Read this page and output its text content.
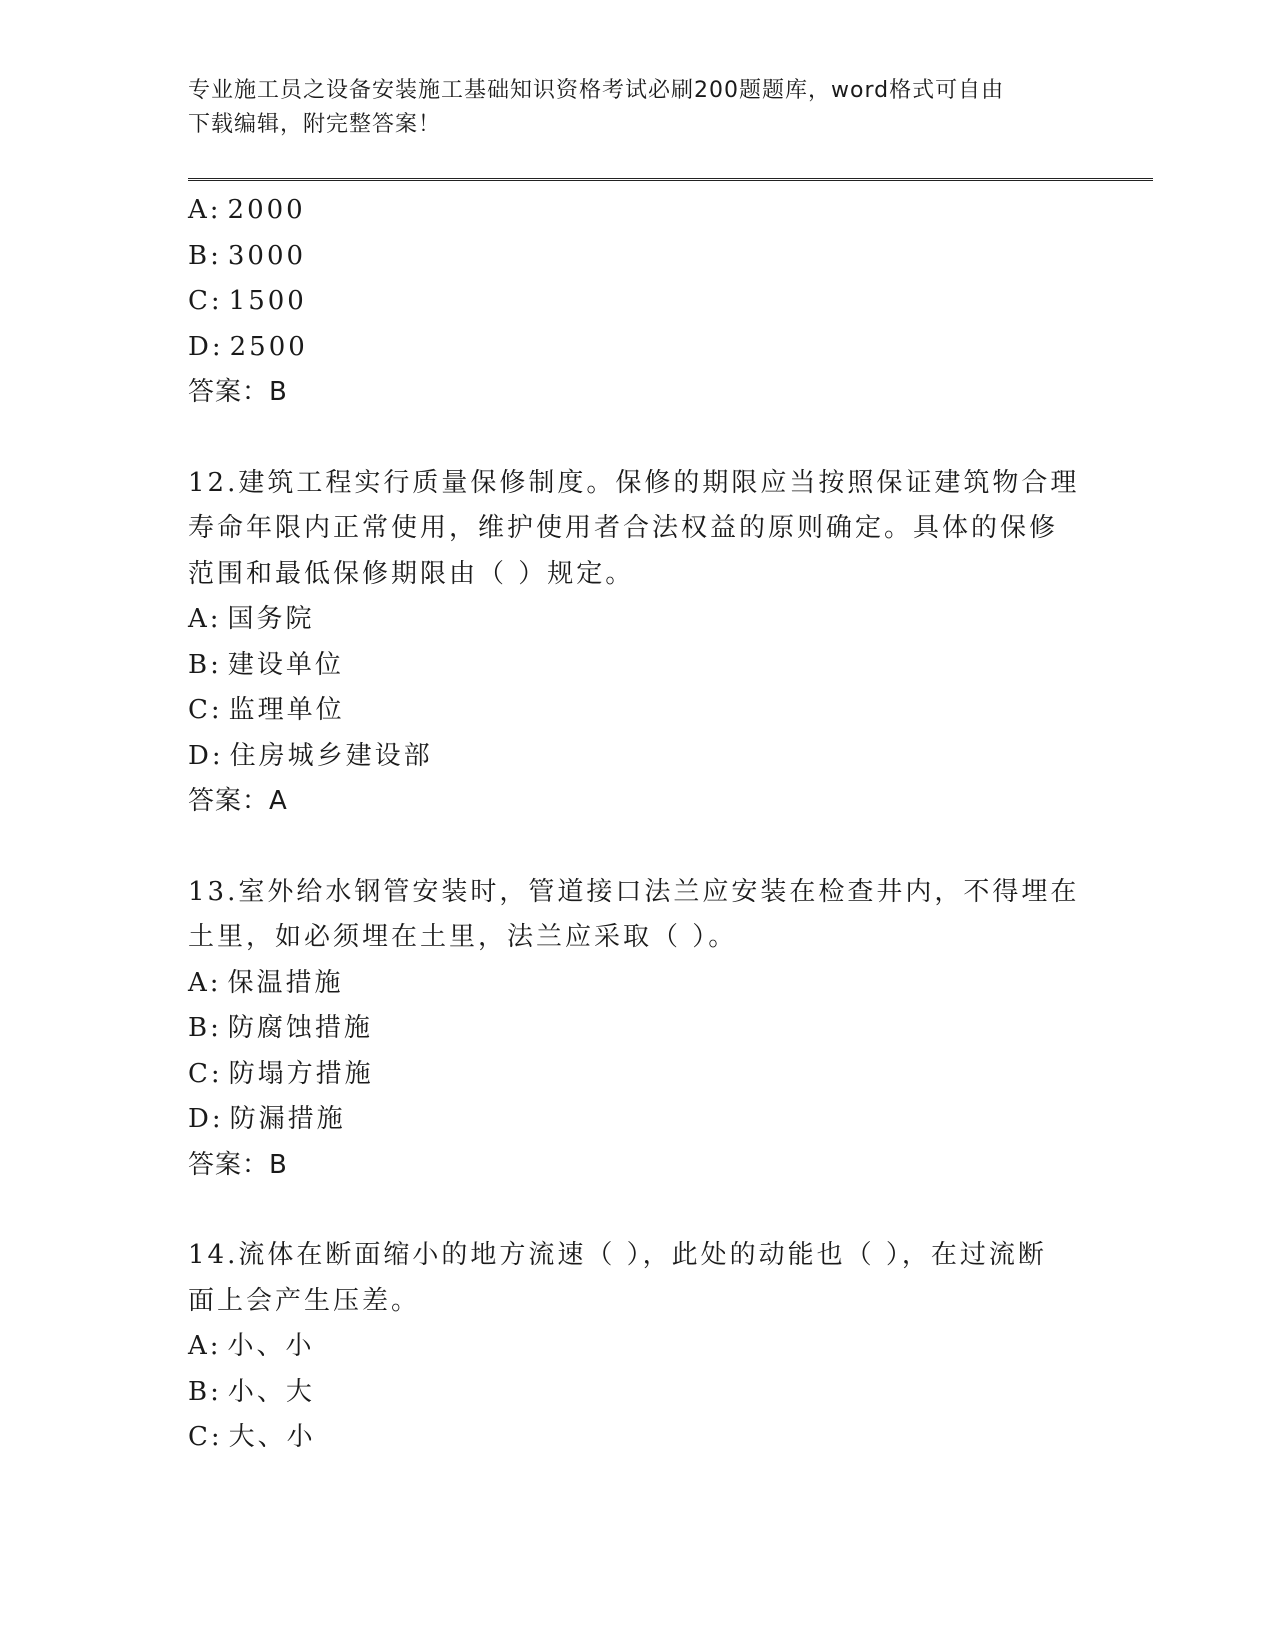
专业施工员之设备安装施工基础知识资格考试必刷200题题库，word格式可自由
下载编辑，附完整答案！
A: 2000
B: 3000
C: 1500
D: 2500
答案：B
12.建筑工程实行质量保修制度。保修的期限应当按照保证建筑物合理
寿命年限内正常使用，维护使用者合法权益的原则确定。具体的保修
范围和最低保修期限由（ ）规定。
A: 国务院
B: 建设单位
C: 监理单位
D: 住房城乡建设部
答案：A
13.室外给水钢管安装时，管道接口法兰应安装在检查井内，不得埋在
土里，如必须埋在土里，法兰应采取（ ）。
A: 保温措施
B: 防腐蚀措施
C: 防塌方措施
D: 防漏措施
答案：B
14.流体在断面缩小的地方流速（ ），此处的动能也（ ），在过流断
面上会产生压差。
A: 小、小
B: 小、大
C: 大、小
